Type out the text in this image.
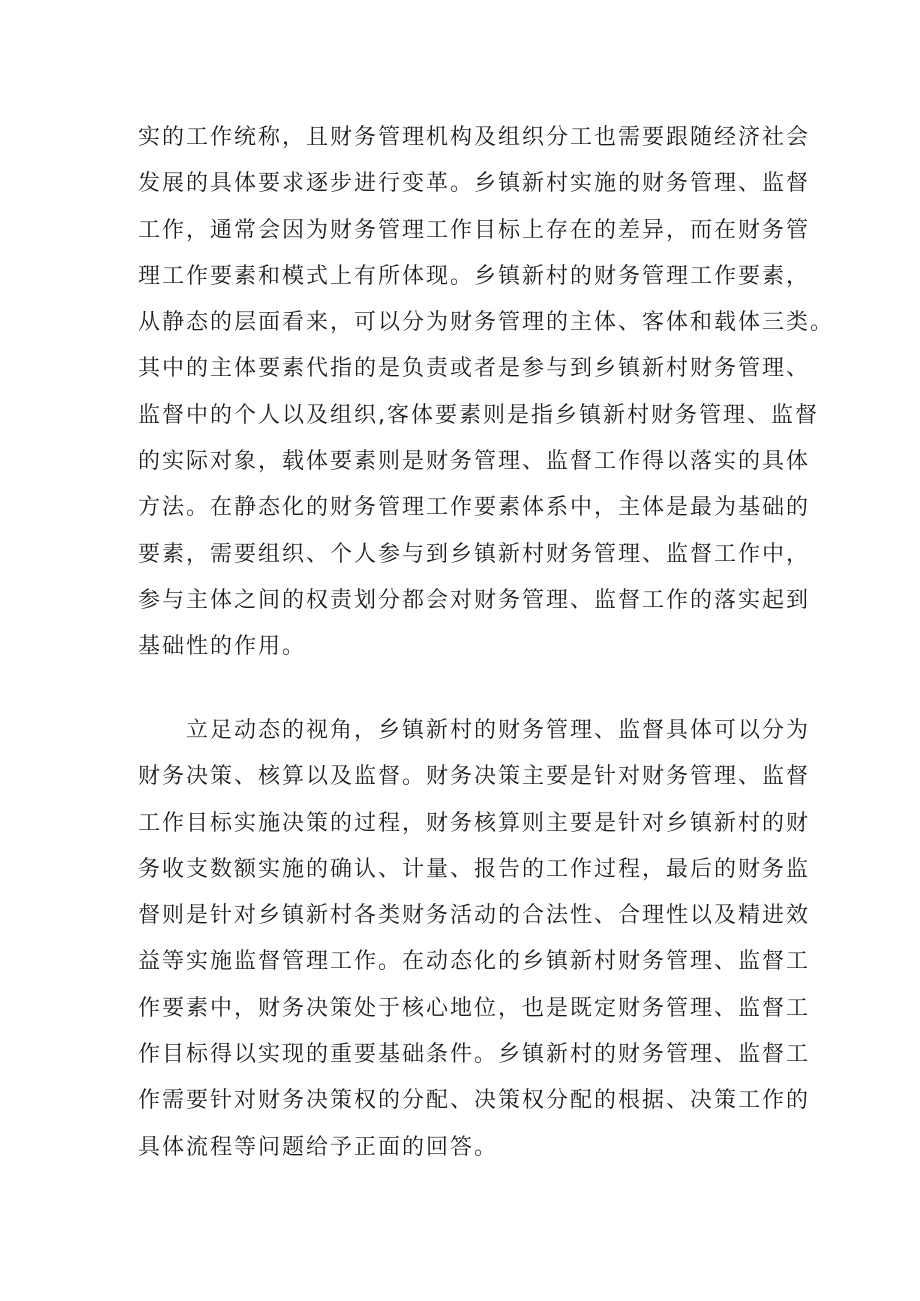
实的工作统称，且财务管理机构及组织分工也需要跟随经济社会
发展的具体要求逐步进行变革。乡镇新村实施的财务管理、监督
工作，通常会因为财务管理工作目标上存在的差异，而在财务管
理工作要素和模式上有所体现。乡镇新村的财务管理工作要素，
从静态的层面看来，可以分为财务管理的主体、客体和载体三类。
其中的主体要素代指的是负责或者是参与到乡镇新村财务管理、
监督中的个人以及组织,客体要素则是指乡镇新村财务管理、监督
的实际对象，载体要素则是财务管理、监督工作得以落实的具体
方法。在静态化的财务管理工作要素体系中，主体是最为基础的
要素，需要组织、个人参与到乡镇新村财务管理、监督工作中，
参与主体之间的权责划分都会对财务管理、监督工作的落实起到
基础性的作用。
立足动态的视角，乡镇新村的财务管理、监督具体可以分为
财务决策、核算以及监督。财务决策主要是针对财务管理、监督
工作目标实施决策的过程，财务核算则主要是针对乡镇新村的财
务收支数额实施的确认、计量、报告的工作过程，最后的财务监
督则是针对乡镇新村各类财务活动的合法性、合理性以及精进效
益等实施监督管理工作。在动态化的乡镇新村财务管理、监督工
作要素中，财务决策处于核心地位，也是既定财务管理、监督工
作目标得以实现的重要基础条件。乡镇新村的财务管理、监督工
作需要针对财务决策权的分配、决策权分配的根据、决策工作的
具体流程等问题给予正面的回答。
